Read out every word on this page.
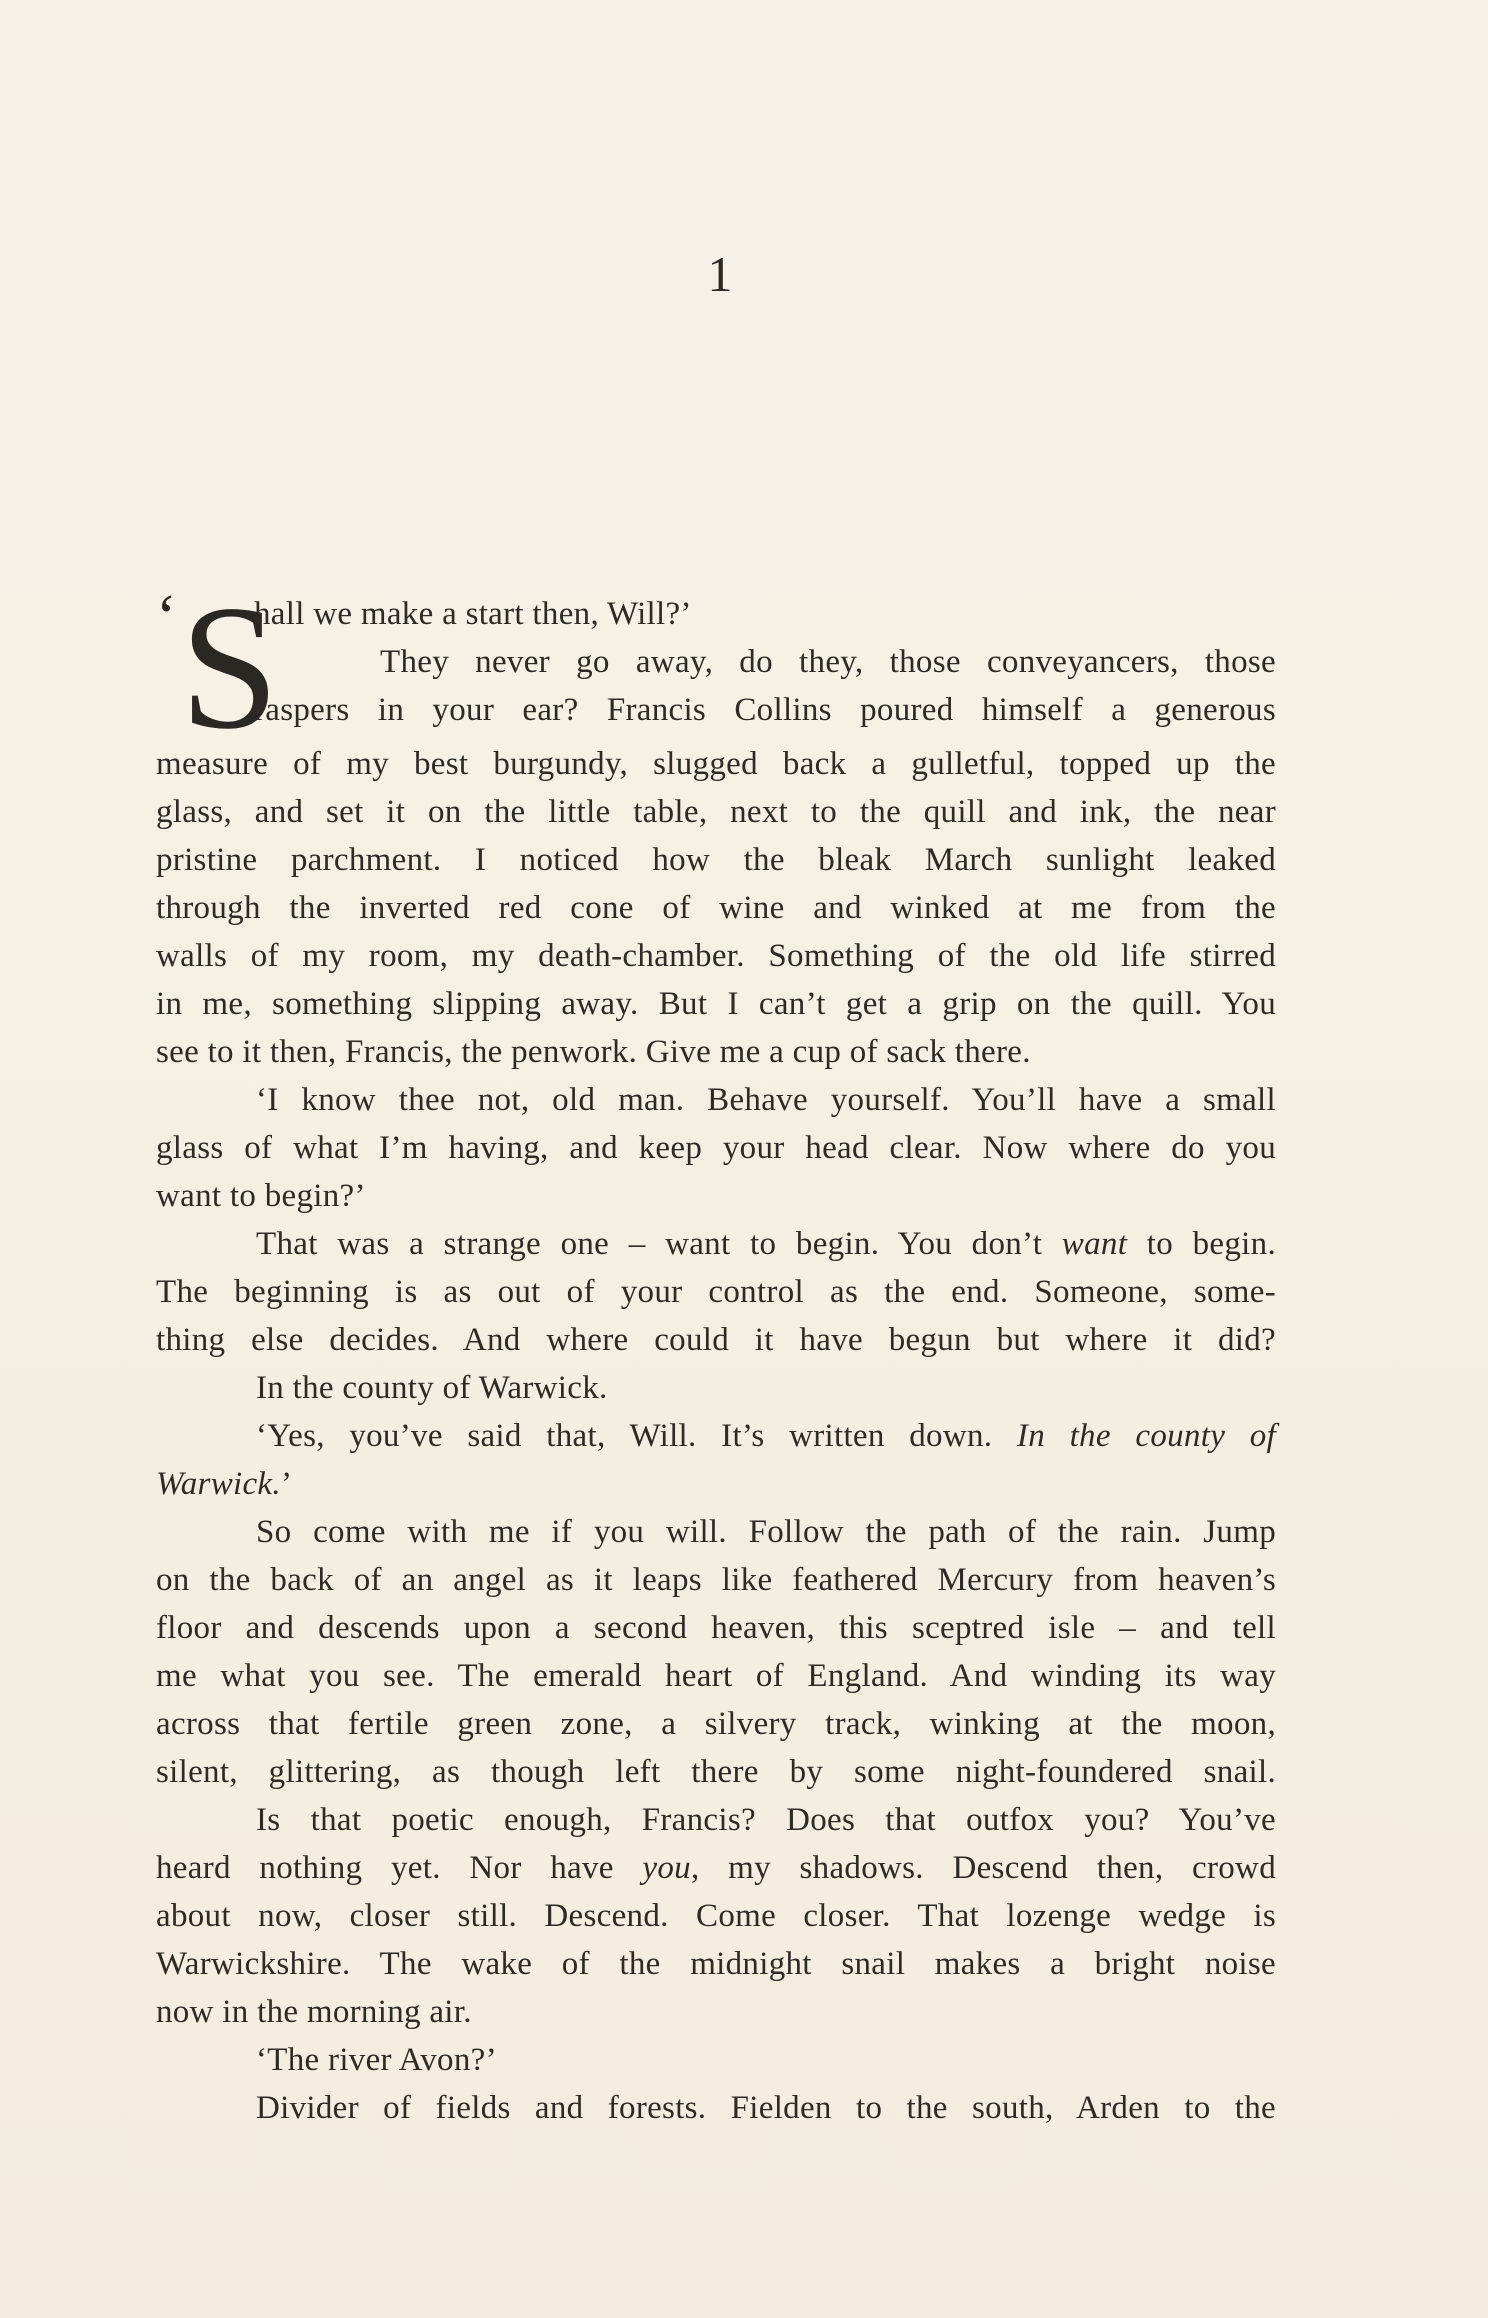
1
‘ S
hall we make a start then, Will?’
They never go away, do they, those conveyancers, those
raspers in your ear? Francis Collins poured himself a generous
measure of my best burgundy, slugged back a gulletful, topped up the
glass, and set it on the little table, next to the quill and ink, the near
pristine parchment. I noticed how the bleak March sunlight leaked
through the inverted red cone of wine and winked at me from the
walls of my room, my death-chamber. Something of the old life stirred
in me, something slipping away. But I can’t get a grip on the quill. You
see to it then, Francis, the penwork. Give me a cup of sack there.
‘I know thee not, old man. Behave yourself. You’ll have a small
glass of what I’m having, and keep your head clear. Now where do you
want to begin?’
That was a strange one – want to begin. You don’t want to begin.
The beginning is as out of your control as the end. Someone, some-
thing else decides. And where could it have begun but where it did?
In the county of Warwick.
‘Yes, you’ve said that, Will. It’s written down. In the county of
Warwick.’
So come with me if you will. Follow the path of the rain. Jump
on the back of an angel as it leaps like feathered Mercury from heaven’s
floor and descends upon a second heaven, this sceptred isle – and tell
me what you see. The emerald heart of England. And winding its way
across that fertile green zone, a silvery track, winking at the moon,
silent, glittering, as though left there by some night-foundered snail.
Is that poetic enough, Francis? Does that outfox you? You’ve
heard nothing yet. Nor have you, my shadows. Descend then, crowd
about now, closer still. Descend. Come closer. That lozenge wedge is
Warwickshire. The wake of the midnight snail makes a bright noise
now in the morning air.
‘The river Avon?’
Divider of fields and forests. Fielden to the south, Arden to the
